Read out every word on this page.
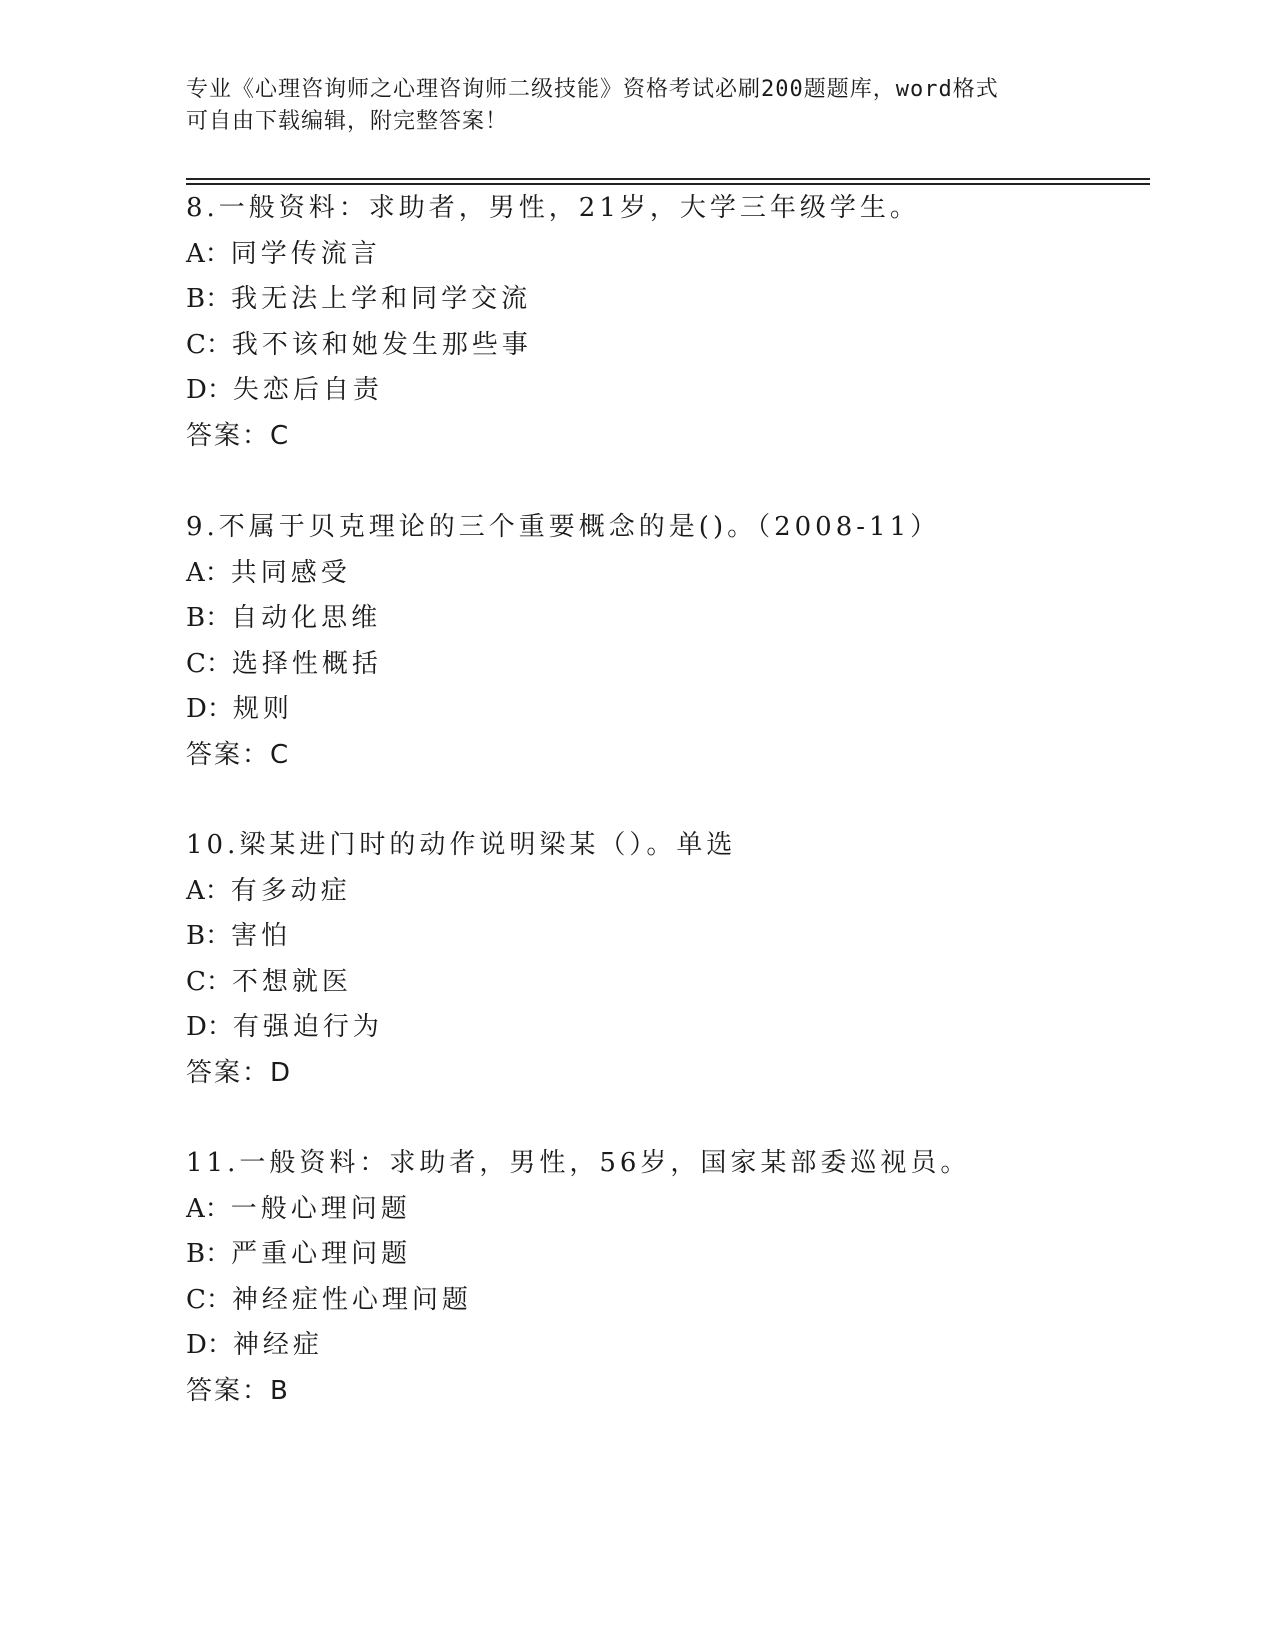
专业《心理咨询师之心理咨询师二级技能》资格考试必刷200题题库，word格式
可自由下载编辑，附完整答案！
8.一般资料：求助者，男性，21岁，大学三年级学生。
A：同学传流言
B：我无法上学和同学交流
C：我不该和她发生那些事
D：失恋后自责
答案：C
9.不属于贝克理论的三个重要概念的是()。（2008-11）
A：共同感受
B：自动化思维
C：选择性概括
D：规则
答案：C
10.梁某进门时的动作说明梁某（）。单选
A：有多动症
B：害怕
C：不想就医
D：有强迫行为
答案：D
11.一般资料：求助者，男性，56岁，国家某部委巡视员。
A：一般心理问题
B：严重心理问题
C：神经症性心理问题
D：神经症
答案：B
